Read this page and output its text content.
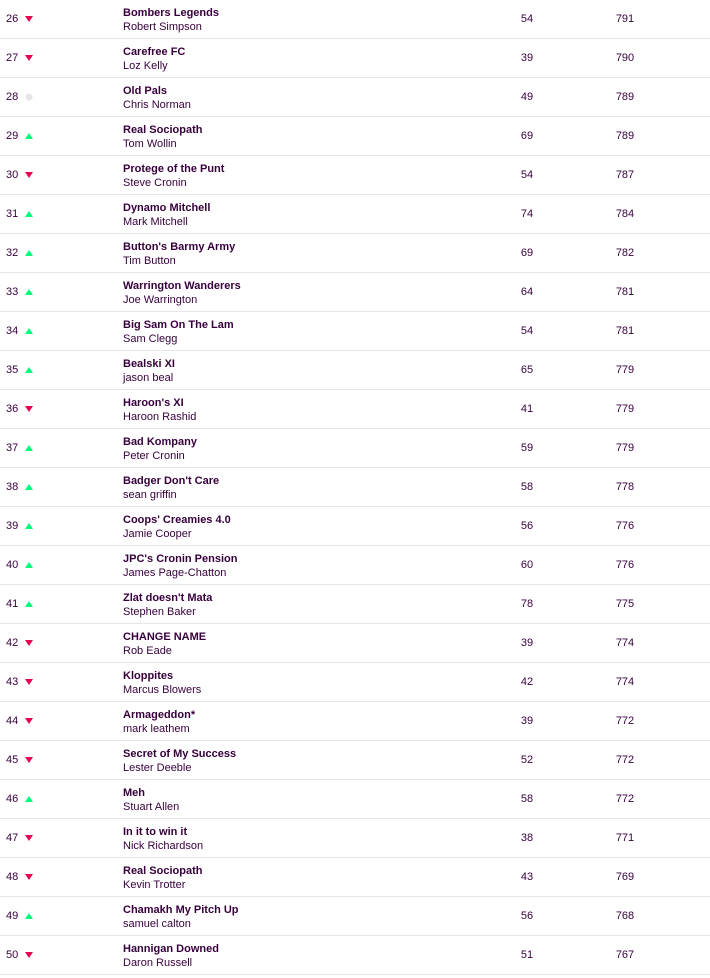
26	Bombers Legends
Robert Simpson
54	791
27	Carefree FC
Loz Kelly
39	790
28	Old Pals
Chris Norman
49	789
29	Real Sociopath
Tom Wollin
69	789
30	Protege of the Punt
Steve Cronin
54	787
31	Dynamo Mitchell
Mark Mitchell
74	784
32	Button's Barmy Army
Tim Button
69	782
33	Warrington Wanderers
Joe Warrington
64	781
34	Big Sam On The Lam
Sam Clegg
54	781
35	Bealski XI
jason beal
65	779
36	Haroon's XI
Haroon Rashid
41	779
37	Bad Kompany
Peter Cronin
59	779
38	Badger Don't Care
sean griffin
58	778
39	Coops' Creamies 4.0
Jamie Cooper
56	776
40	JPC's Cronin Pension
James Page-Chatton
60	776
41	Zlat doesn't Mata
Stephen Baker
78	775
42	CHANGE NAME
Rob Eade
39	774
43	Kloppites
Marcus Blowers
42	774
44	Armageddon*
mark leathem
39	772
45	Secret of My Success
Lester Deeble
52	772
46	Meh
Stuart Allen
58	772
47	In it to win it
Nick Richardson
38	771
48	Real Sociopath
Kevin Trotter
43	769
49	Chamakh My Pitch Up
samuel calton
56	768
50	Hannigan Downed
Daron Russell
51	767
